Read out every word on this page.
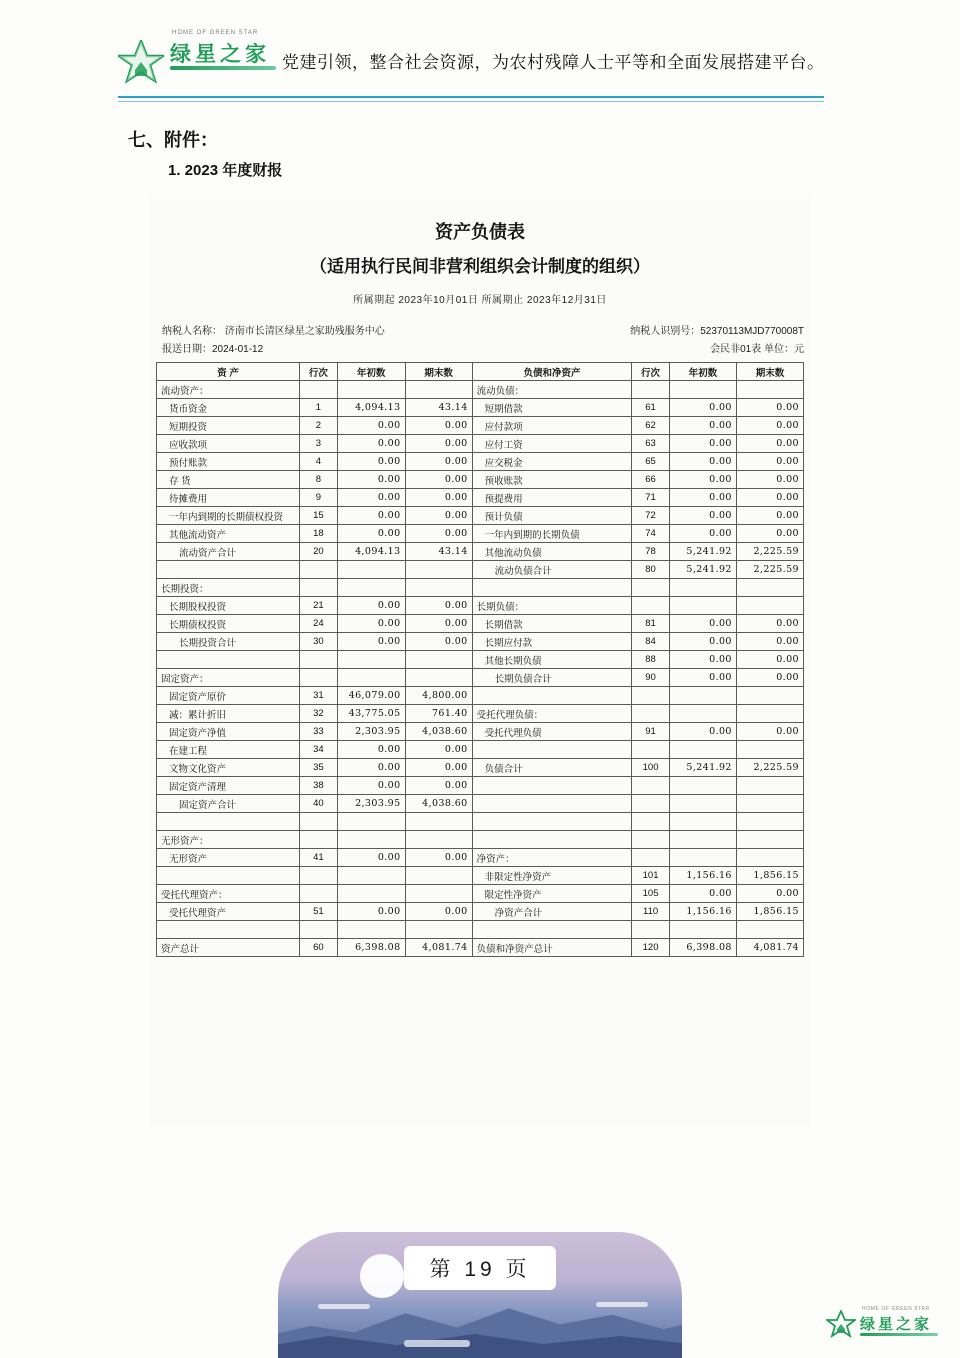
HOME OF GREEN STAR
绿星之家 党建引领，整合社会资源，为农村残障人士平等和全面发展搭建平台。
七、附件：
1. 2023 年度财报
资产负债表
（适用执行民间非营利组织会计制度的组织）
所属期起 2023年10月01日 所属期止 2023年12月31日
纳税人名称： 济南市长清区绿星之家助残服务中心
报送日期：2024-01-12
纳税人识别号：52370113MJD770008T
会民非01表 单位：元
资 产	行次	年初数	期末数	负债和净资产	行次	年初数	期末数
流动资产：				流动负债：			
货币资金	1	4,094.13	43.14	短期借款	61	0.00	0.00
短期投资	2	0.00	0.00	应付款项	62	0.00	0.00
应收款项	3	0.00	0.00	应付工资	63	0.00	0.00
预付账款	4	0.00	0.00	应交税金	65	0.00	0.00
存 货	8	0.00	0.00	预收账款	66	0.00	0.00
待摊费用	9	0.00	0.00	预提费用	71	0.00	0.00
一年内到期的长期债权投资	15	0.00	0.00	预计负债	72	0.00	0.00
其他流动资产	18	0.00	0.00	一年内到期的长期负债	74	0.00	0.00
流动资产合计	20	4,094.13	43.14	其他流动负债	78	5,241.92	2,225.59
				流动负债合计	80	5,241.92	2,225.59
长期投资：							
长期股权投资	21	0.00	0.00	长期负债：			
长期债权投资	24	0.00	0.00	长期借款	81	0.00	0.00
长期投资合计	30	0.00	0.00	长期应付款	84	0.00	0.00
				其他长期负债	88	0.00	0.00
固定资产：				长期负债合计	90	0.00	0.00
固定资产原价	31	46,079.00	4,800.00				
减：累计折旧	32	43,775.05	761.40	受托代理负债：			
固定资产净值	33	2,303.95	4,038.60	受托代理负债	91	0.00	0.00
在建工程	34	0.00	0.00				
文物文化资产	35	0.00	0.00	负债合计	100	5,241.92	2,225.59
固定资产清理	38	0.00	0.00				
固定资产合计	40	2,303.95	4,038.60				

无形资产：							
无形资产	41	0.00	0.00	净资产：			
				非限定性净资产	101	1,156.16	1,856.15
受托代理资产：				限定性净资产	105	0.00	0.00
受托代理资产	51	0.00	0.00	净资产合计	110	1,156.16	1,856.15

资产总计	60	6,398.08	4,081.74	负债和净资产总计	120	6,398.08	4,081.74
第 19 页
HOME OF GREEN STAR
绿星之家
